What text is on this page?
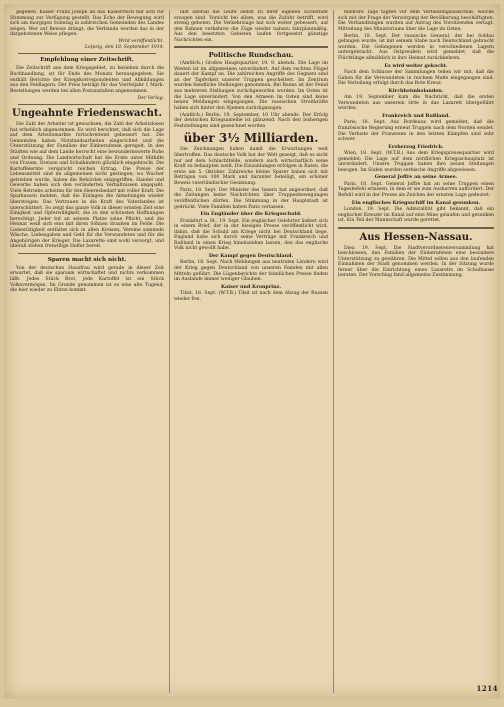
gegeben. Kaiser Franz Joseph an das Kaiserreich hat sich für Stimmung zur Verfügung gestellt. Das Echo der Bewegung wird sich am morgigen Sonntag in zahlreichen Gemeinden des Landes zeigen. Wer auf Beweis drängt, die Verbände werden das in der dargebotenen Weise pflegen.

Wird veröffentlicht.
Leipzig, den 18. September 1914.
Empfehlung einer Zeitschrift.

Die Zeitschrift aus dem Kriegsgebiet, zu beziehen durch die Buchhandlung, ist für Ende des Monats herausgegeben. Sie enthält Berichte der Kriegskorrespondenten und Abbildungen aus den Feldlagern. Der Preis beträgt für das Vierteljahr 1 Mark. Bestellungen werden bei allen Postanstalten angenommen.

Der Verlag.
Ungeahnte Friedenswacht.

Die Zahl der Arbeiter ist gewachsen, die Zahl der Arbeitslosen hat erheblich abgenommen. Es wird berichtet, daß sich die Lage auf dem Arbeitsmarkte fortschreitend gebessert hat. Die Gemeinden haben Notstandsarbeiten eingerichtet und die Unterstützung der Familien der Einberufenen geregelt. In den Städten wie auf dem Lande herrscht eine bewundernswerte Ruhe und Ordnung. Die Landwirtschaft hat die Ernte unter Mithilfe von Frauen, Greisen und Schulkindern glücklich eingebracht. Die Kartoffelernte verspricht reichen Ertrag. Die Preise der Lebensmittel sind im allgemeinen nicht gestiegen; wo Wucher getrieben wurde, haben die Behörden eingegriffen. Handel und Gewerbe haben sich den veränderten Verhältnissen angepaßt. Viele Betriebe arbeiten für den Heeresbedarf mit voller Kraft. Die Sparkassen melden, daß die Einlagen die Abhebungen wieder übersteigen. Das Vertrauen in die Kraft des Vaterlandes ist unerschüttert. So zeigt das ganze Volk in dieser ernsten Zeit eine Einigkeit und Opferwilligkeit, die zu den schönsten Hoffnungen berechtigt. Jeder tut an seinem Platze seine Pflicht, und die Heimat weiß sich eins mit ihren Söhnen draußen im Felde. Die Liebestätigkeit entfaltet sich in allen Kreisen; Vereine sammeln Wäsche, Liebesgaben und Geld für die Verwundeten und für die Angehörigen der Krieger. Die Lazarette sind wohl versorgt, und überall stehen freiwillige Helfer bereit.

Sparen macht sich nicht.

Von der deutschen Hausfrau wird gerade in dieser Zeit erwartet, daß sie sparsam wirtschaftet und nichts verkommen läßt. Jedes Stück Brot, jede Kartoffel ist ein Stück Volksvermögen. Im Grunde genommen ist es eine alte Tugend, die hier wieder zu Ehren kommt.

fast überall die Leute selbst zu ihrer eigenen Sicherheit erzogen sind. Vorsicht bei allem, was die Zufuhr betrifft, wird streng geboten. Die Verkehrslage hat sich weiter gebessert; auf den Bahnen verkehren die Züge wieder nahezu fahrplanmäßig. Aus den besetzten Gebieten laufen fortgesetzt günstige Nachrichten ein.

Politische Rundschau.

(Amtlich.) Großes Hauptquartier, 19. 9. abends. Die Lage im Westen ist im allgemeinen unverändert. Auf dem rechten Flügel dauert der Kampf an. Die zahlreichen Angriffe des Gegners sind an der Tapferkeit unserer Truppen gescheitert. Im Zentrum wurden feindliche Stellungen genommen. Bei Reims ist der Feind aus mehreren Stellungen zurückgeworfen worden. Im Osten ist die Lage unverändert. Von den Armeen im Osten sind keine neuen Meldungen eingegangen. Die russischen Streitkräfte haben sich hinter den Njemen zurückgezogen.

(Amtlich.) Berlin, 19. September, 10 Uhr abends. Der Erfolg der deutschen Kriegsanleihe ist glänzend. Nach den bisherigen Feststellungen sind gezeichnet worden

über 3½ Milliarden.

Die Zeichnungen haben damit die Erwartungen weit übertroffen. Das deutsche Volk hat der Welt gezeigt, daß es nicht nur auf dem Schlachtfelde, sondern auch wirtschaftlich seine Kraft zu behaupten weiß. Die Einzahlungen erfolgen in Raten, die erste am 5. Oktober. Zahlreiche kleine Sparer haben sich mit Beträgen von 100 Mark und darunter beteiligt, ein schöner Beweis vaterländischer Gesinnung.

Paris, 18. Sept. Der Minister des Innern hat angeordnet, daß die Zeitungen keine Nachrichten über Truppenbewegungen veröffentlichen dürfen. Die Stimmung in der Hauptstadt ist gedrückt. Viele Familien haben Paris verlassen.

Ein Engländer über die Kriegsschuld.

Frankfurt a. M., 19. Sept. Ein englischer Gelehrter äußert sich in einem Brief, der in der hiesigen Presse veröffentlicht wird, dahin, daß die Schuld am Kriege nicht bei Deutschland liege. England habe sich durch seine Verträge mit Frankreich und Rußland in einen Krieg hineinziehen lassen, den das englische Volk nicht gewollt habe.

Der Kampf gegen Deutschland.

Berlin, 18. Sept. Nach Meldungen aus neutralen Ländern wird der Krieg gegen Deutschland von unseren Feinden mit allen Mitteln geführt. Die Lügenberichte der feindlichen Presse finden im Auslande immer weniger Glauben.

Kaiser und Kronprinz.

Tilsit, 18. Sept. (W.T.B.) Tilsit ist nach dem Abzug der Russen wieder frei.

mehrere Tage tagten vor dem Verfassungsausschuß, welche sich mit der Frage der Versorgung der Bevölkerung beschäftigten. Die Verhandlungen wurden auf Antrag des Vorsitzenden vertagt. Mitteilung des Ministeriums über die Lage im Osten.

Berlin, 18. Sept. Der russische General, der bei Soldau gefangen wurde, ist mit seinem Stabe nach Deutschland gebracht worden. Die Gefangenen werden in verschiedenen Lagern untergebracht. Aus Ostpreußen wird gemeldet, daß die Flüchtlinge allmählich in ihre Heimat zurückkehren.

Es wird weiter gekocht.

Nach dem Schlusse der Sammlungen teilen wir mit, daß die Gaben für die Verwundeten in reichem Maße eingegangen sind. Die Verteilung erfolgt durch das Rote Kreuz.

Kirchheimbolanden.

Am 19. September kam die Nachricht, daß die ersten Verwundeten aus unserem Orte in das Lazarett übergeführt wurden.

Frankreich und Rußland.

Paris, 18. Sept. Aus Bordeaux wird gemeldet, daß die französische Regierung erneut Truppen nach dem Norden sendet. Die Verluste der Franzosen in den letzten Kämpfen sind sehr schwer.

Erzherzog Friedrich.

Wien, 18. Sept. (W.T.B.) Aus dem Kriegspressequartier wird gemeldet: Die Lage auf dem nördlichen Kriegsschauplatz ist unverändert. Unsere Truppen haben ihre neuen Stellungen bezogen. Im Süden wurden serbische Angriffe abgewiesen.

General Joffre an seine Armee.

Paris, 18. Sept. General Joffre hat an seine Truppen einen Tagesbefehl erlassen, in dem er sie zum Ausharren auffordert. Der Befehl wird in der Presse als Zeichen der ernsten Lage gedeutet.

Ein englisches Kriegsschiff im Kanal gesunken.

London, 19. Sept. Die Admiralität gibt bekannt, daß ein englischer Kreuzer im Kanal auf eine Mine gelaufen und gesunken ist. Ein Teil der Mannschaft wurde gerettet.

Aus Hessen-Nassau.

Diez, 19. Sept. Die Stadtverordnetenversammlung hat beschlossen, den Familien der Einberufenen eine besondere Unterstützung zu gewähren. Die Mittel sollen aus den laufenden Einnahmen der Stadt genommen werden. In der Sitzung wurde ferner über die Einrichtung eines Lazaretts im Schulhause beraten. Der Vorschlag fand allgemeine Zustimmung.

1214
